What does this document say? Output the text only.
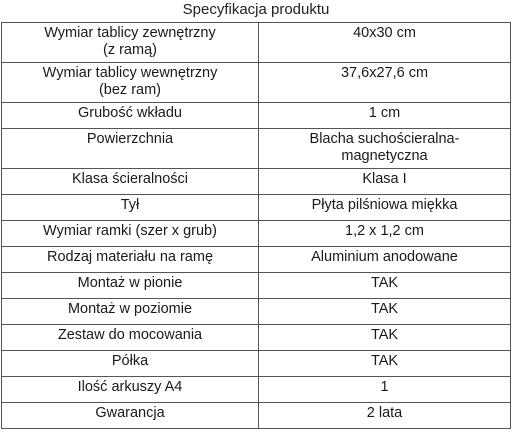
Specyfikacja produktu
Wymiar tablicy zewnętrzny
(z ramą)	40x30 cm
Wymiar tablicy wewnętrzny
(bez ram)	37,6x27,6 cm
Grubość wkładu	1 cm
Powierzchnia	Blacha suchościeralna-
magnetyczna
Klasa ścieralności	Klasa I
Tył	Płyta pilśniowa miękka
Wymiar ramki (szer x grub)	1,2 x 1,2 cm
Rodzaj materiału na ramę	Aluminium anodowane
Montaż w pionie	TAK
Montaż w poziomie	TAK
Zestaw do mocowania	TAK
Półka	TAK
Ilość arkuszy A4	1
Gwarancja	2 lata
